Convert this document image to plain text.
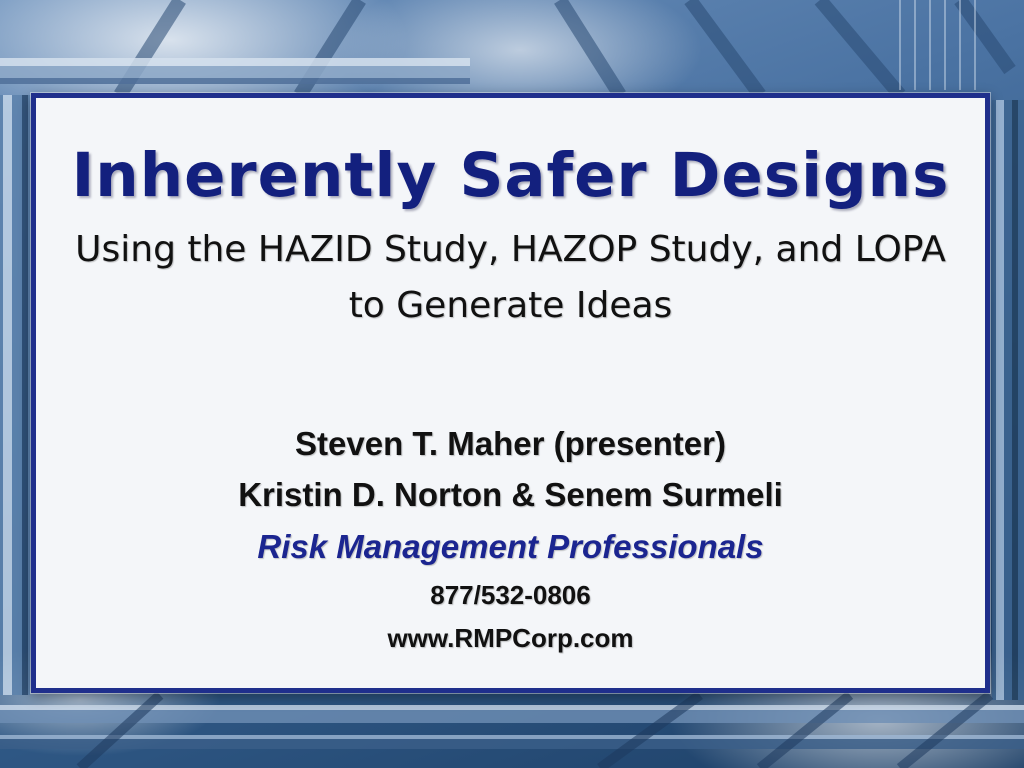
Inherently Safer Designs
Using the HAZID Study, HAZOP Study, and LOPA
to Generate Ideas
Steven T. Maher (presenter)
Kristin D. Norton & Senem Surmeli
Risk Management Professionals
877/532-0806
www.RMPCorp.com
